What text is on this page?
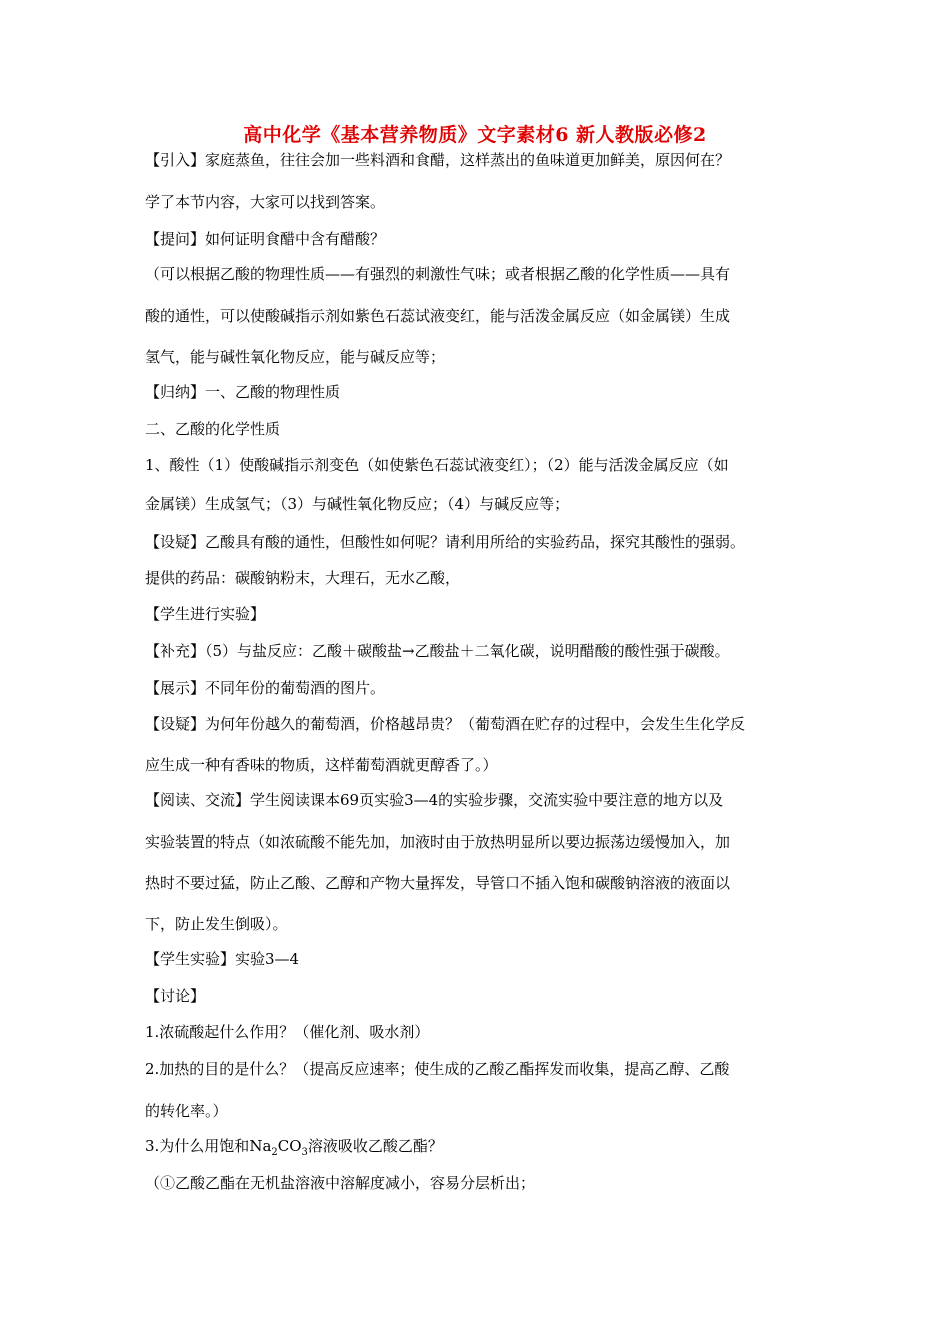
高中化学《基本营养物质》文字素材6 新人教版必修2
【引入】家庭蒸鱼，往往会加一些料酒和食醋，这样蒸出的鱼味道更加鲜美，原因何在？
学了本节内容，大家可以找到答案。
【提问】如何证明食醋中含有醋酸？
（可以根据乙酸的物理性质——有强烈的刺激性气味；或者根据乙酸的化学性质——具有
酸的通性，可以使酸碱指示剂如紫色石蕊试液变红，能与活泼金属反应（如金属镁）生成
氢气，能与碱性氧化物反应，能与碱反应等；
【归纳】一、乙酸的物理性质
二、乙酸的化学性质
1、酸性（1）使酸碱指示剂变色（如使紫色石蕊试液变红）；（2）能与活泼金属反应（如
金属镁）生成氢气；（3）与碱性氧化物反应；（4）与碱反应等；
【设疑】乙酸具有酸的通性，但酸性如何呢？请利用所给的实验药品，探究其酸性的强弱。
提供的药品：碳酸钠粉末，大理石，无水乙酸，
【学生进行实验】
【补充】（5）与盐反应：乙酸＋碳酸盐→乙酸盐＋二氧化碳，说明醋酸的酸性强于碳酸。
【展示】不同年份的葡萄酒的图片。
【设疑】为何年份越久的葡萄酒，价格越昂贵？（葡萄酒在贮存的过程中，会发生生化学反
应生成一种有香味的物质，这样葡萄酒就更醇香了。）
【阅读、交流】学生阅读课本69页实验3—4的实验步骤，交流实验中要注意的地方以及
实验装置的特点（如浓硫酸不能先加，加液时由于放热明显所以要边振荡边缓慢加入，加
热时不要过猛，防止乙酸、乙醇和产物大量挥发，导管口不插入饱和碳酸钠溶液的液面以
下，防止发生倒吸）。
【学生实验】实验3—4
【讨论】
1.浓硫酸起什么作用？（催化剂、吸水剂）
2.加热的目的是什么？（提高反应速率；使生成的乙酸乙酯挥发而收集，提高乙醇、乙酸
的转化率。）
3.为什么用饱和$Na_2CO_3$溶液吸收乙酸乙酯？
（①乙酸乙酯在无机盐溶液中溶解度减小，容易分层析出；
